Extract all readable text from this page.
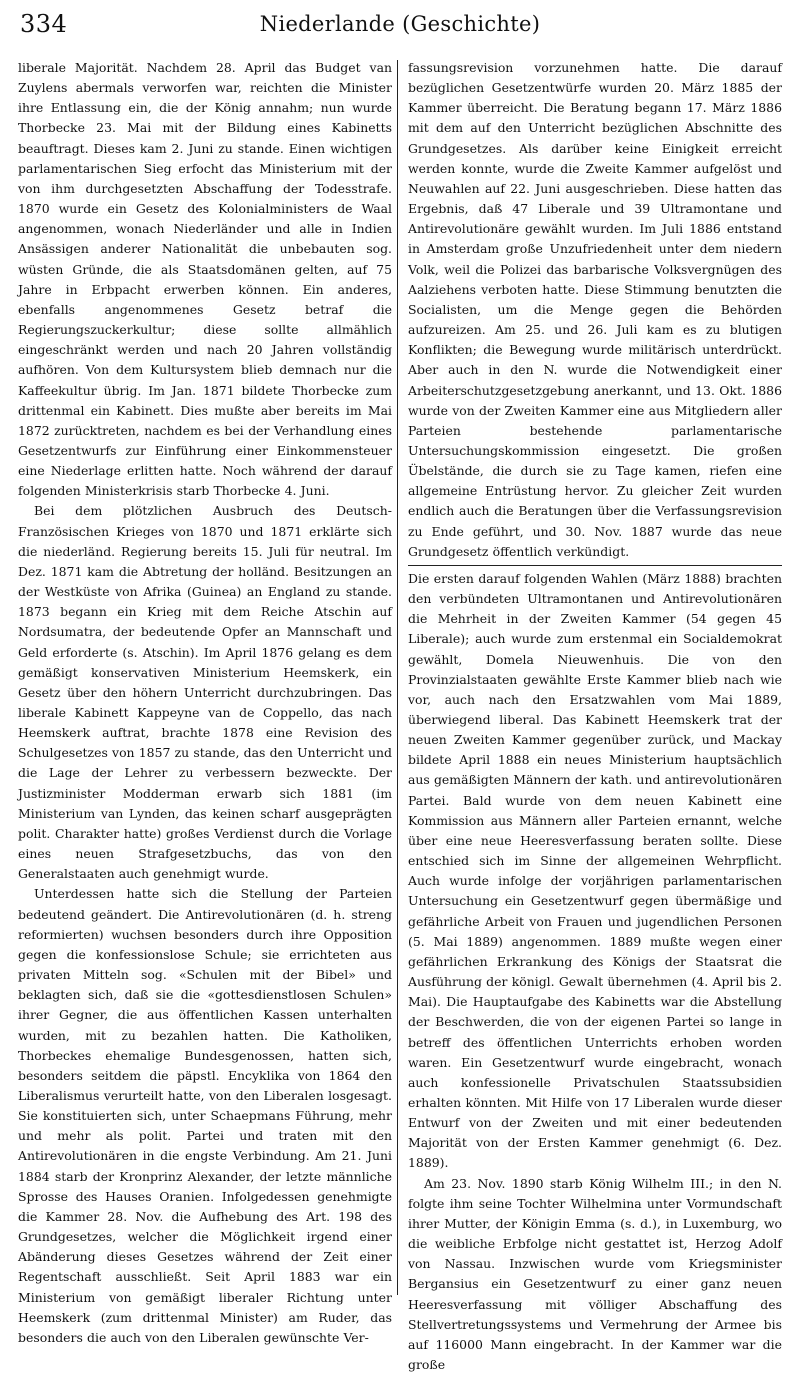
334	Niederlande (Geschichte)

liberale Majorität. Nachdem 28. April das Budget van Zuylens abermals verworfen war, reichten die Minister ihre Entlassung ein, die der König annahm; nun wurde Thorbecke 23. Mai mit der Bildung eines Kabinetts beauftragt. Dieses kam 2. Juni zu stande. Einen wichtigen parlamentarischen Sieg erfocht das Ministerium mit der von ihm durchgesetzten Abschaffung der Todesstrafe. 1870 wurde ein Gesetz des Kolonialministers de Waal angenommen, wonach Niederländer und alle in Indien Ansässigen anderer Nationalität die unbebauten sog. wüsten Gründe, die als Staatsdomänen gelten, auf 75 Jahre in Erbpacht erwerben können. Ein anderes, ebenfalls angenommenes Gesetz betraf die Regierungszuckerkultur; diese sollte allmählich eingeschränkt werden und nach 20 Jahren vollständig aufhören. Von dem Kultursystem blieb demnach nur die Kaffeekultur übrig. Im Jan. 1871 bildete Thorbecke zum drittenmal ein Kabinett. Dies mußte aber bereits im Mai 1872 zurücktreten, nachdem es bei der Verhandlung eines Gesetzentwurfs zur Einführung einer Einkommensteuer eine Niederlage erlitten hatte. Noch während der darauf folgenden Ministerkrisis starb Thorbecke 4. Juni.

Bei dem plötzlichen Ausbruch des Deutsch-Französischen Krieges von 1870 und 1871 erklärte sich die niederländ. Regierung bereits 15. Juli für neutral. Im Dez. 1871 kam die Abtretung der holländ. Besitzungen an der Westküste von Afrika (Guinea) an England zu stande. 1873 begann ein Krieg mit dem Reiche Atschin auf Nordsumatra, der bedeutende Opfer an Mannschaft und Geld erforderte (s. Atschin). Im April 1876 gelang es dem gemäßigt konservativen Ministerium Heemskerk, ein Gesetz über den höhern Unterricht durchzubringen. Das liberale Kabinett Kappeyne van de Coppello, das nach Heemskerk auftrat, brachte 1878 eine Revision des Schulgesetzes von 1857 zu stande, das den Unterricht und die Lage der Lehrer zu verbessern bezweckte. Der Justizminister Modderman erwarb sich 1881 (im Ministerium van Lynden, das keinen scharf ausgeprägten polit. Charakter hatte) großes Verdienst durch die Vorlage eines neuen Strafgesetzbuchs, das von den Generalstaaten auch genehmigt wurde.

Unterdessen hatte sich die Stellung der Parteien bedeutend geändert. Die Antirevolutionären (d. h. streng reformierten) wuchsen besonders durch ihre Opposition gegen die konfessionslose Schule; sie errichteten aus privaten Mitteln sog. «Schulen mit der Bibel» und beklagten sich, daß sie die «gottesdienstlosen Schulen» ihrer Gegner, die aus öffentlichen Kassen unterhalten wurden, mit zu bezahlen hatten. Die Katholiken, Thorbeckes ehemalige Bundesgenossen, hatten sich, besonders seitdem die päpstl. Encyklika von 1864 den Liberalismus verurteilt hatte, von den Liberalen losgesagt. Sie konstituierten sich, unter Schaepmans Führung, mehr und mehr als polit. Partei und traten mit den Antirevolutionären in die engste Verbindung. Am 21. Juni 1884 starb der Kronprinz Alexander, der letzte männliche Sprosse des Hauses Oranien. Infolgedessen genehmigte die Kammer 28. Nov. die Aufhebung des Art. 198 des Grundgesetzes, welcher die Möglichkeit irgend einer Abänderung dieses Gesetzes während der Zeit einer Regentschaft ausschließt. Seit April 1883 war ein Ministerium von gemäßigt liberaler Richtung unter Heemskerk (zum drittenmal Minister) am Ruder, das besonders die auch von den Liberalen gewünschte Ver-

fassungsrevision vorzunehmen hatte. Die darauf bezüglichen Gesetzentwürfe wurden 20. März 1885 der Kammer überreicht. Die Beratung begann 17. März 1886 mit dem auf den Unterricht bezüglichen Abschnitte des Grundgesetzes. Als darüber keine Einigkeit erreicht werden konnte, wurde die Zweite Kammer aufgelöst und Neuwahlen auf 22. Juni ausgeschrieben. Diese hatten das Ergebnis, daß 47 Liberale und 39 Ultramontane und Antirevolutionäre gewählt wurden. Im Juli 1886 entstand in Amsterdam große Unzufriedenheit unter dem niedern Volk, weil die Polizei das barbarische Volksvergnügen des Aalziehens verboten hatte. Diese Stimmung benutzten die Socialisten, um die Menge gegen die Behörden aufzureizen. Am 25. und 26. Juli kam es zu blutigen Konflikten; die Bewegung wurde militärisch unterdrückt. Aber auch in den N. wurde die Notwendigkeit einer Arbeiterschutzgesetzgebung anerkannt, und 13. Okt. 1886 wurde von der Zweiten Kammer eine aus Mitgliedern aller Parteien bestehende parlamentarische Untersuchungskommission eingesetzt. Die großen Übelstände, die durch sie zu Tage kamen, riefen eine allgemeine Entrüstung hervor. Zu gleicher Zeit wurden endlich auch die Beratungen über die Verfassungsrevision zu Ende geführt, und 30. Nov. 1887 wurde das neue Grundgesetz öffentlich verkündigt.

Die ersten darauf folgenden Wahlen (März 1888) brachten den verbündeten Ultramontanen und Antirevolutionären die Mehrheit in der Zweiten Kammer (54 gegen 45 Liberale); auch wurde zum erstenmal ein Socialdemokrat gewählt, Domela Nieuwenhuis. Die von den Provinzialstaaten gewählte Erste Kammer blieb nach wie vor, auch nach den Ersatzwahlen vom Mai 1889, überwiegend liberal. Das Kabinett Heemskerk trat der neuen Zweiten Kammer gegenüber zurück, und Mackay bildete April 1888 ein neues Ministerium hauptsächlich aus gemäßigten Männern der kath. und antirevolutionären Partei. Bald wurde von dem neuen Kabinett eine Kommission aus Männern aller Parteien ernannt, welche über eine neue Heeresverfassung beraten sollte. Diese entschied sich im Sinne der allgemeinen Wehrpflicht. Auch wurde infolge der vorjährigen parlamentarischen Untersuchung ein Gesetzentwurf gegen übermäßige und gefährliche Arbeit von Frauen und jugendlichen Personen (5. Mai 1889) angenommen. 1889 mußte wegen einer gefährlichen Erkrankung des Königs der Staatsrat die Ausführung der königl. Gewalt übernehmen (4. April bis 2. Mai). Die Hauptaufgabe des Kabinetts war die Abstellung der Beschwerden, die von der eigenen Partei so lange in betreff des öffentlichen Unterrichts erhoben worden waren. Ein Gesetzentwurf wurde eingebracht, wonach auch konfessionelle Privatschulen Staatssubsidien erhalten könnten. Mit Hilfe von 17 Liberalen wurde dieser Entwurf von der Zweiten und mit einer bedeutenden Majorität von der Ersten Kammer genehmigt (6. Dez. 1889).

Am 23. Nov. 1890 starb König Wilhelm III.; in den N. folgte ihm seine Tochter Wilhelmina unter Vormundschaft ihrer Mutter, der Königin Emma (s. d.), in Luxemburg, wo die weibliche Erbfolge nicht gestattet ist, Herzog Adolf von Nassau. Inzwischen wurde vom Kriegsminister Bergansius ein Gesetzentwurf zu einer ganz neuen Heeresverfassung mit völliger Abschaffung des Stellvertretungssystems und Vermehrung der Armee bis auf 116000 Mann eingebracht. In der Kammer war die große
